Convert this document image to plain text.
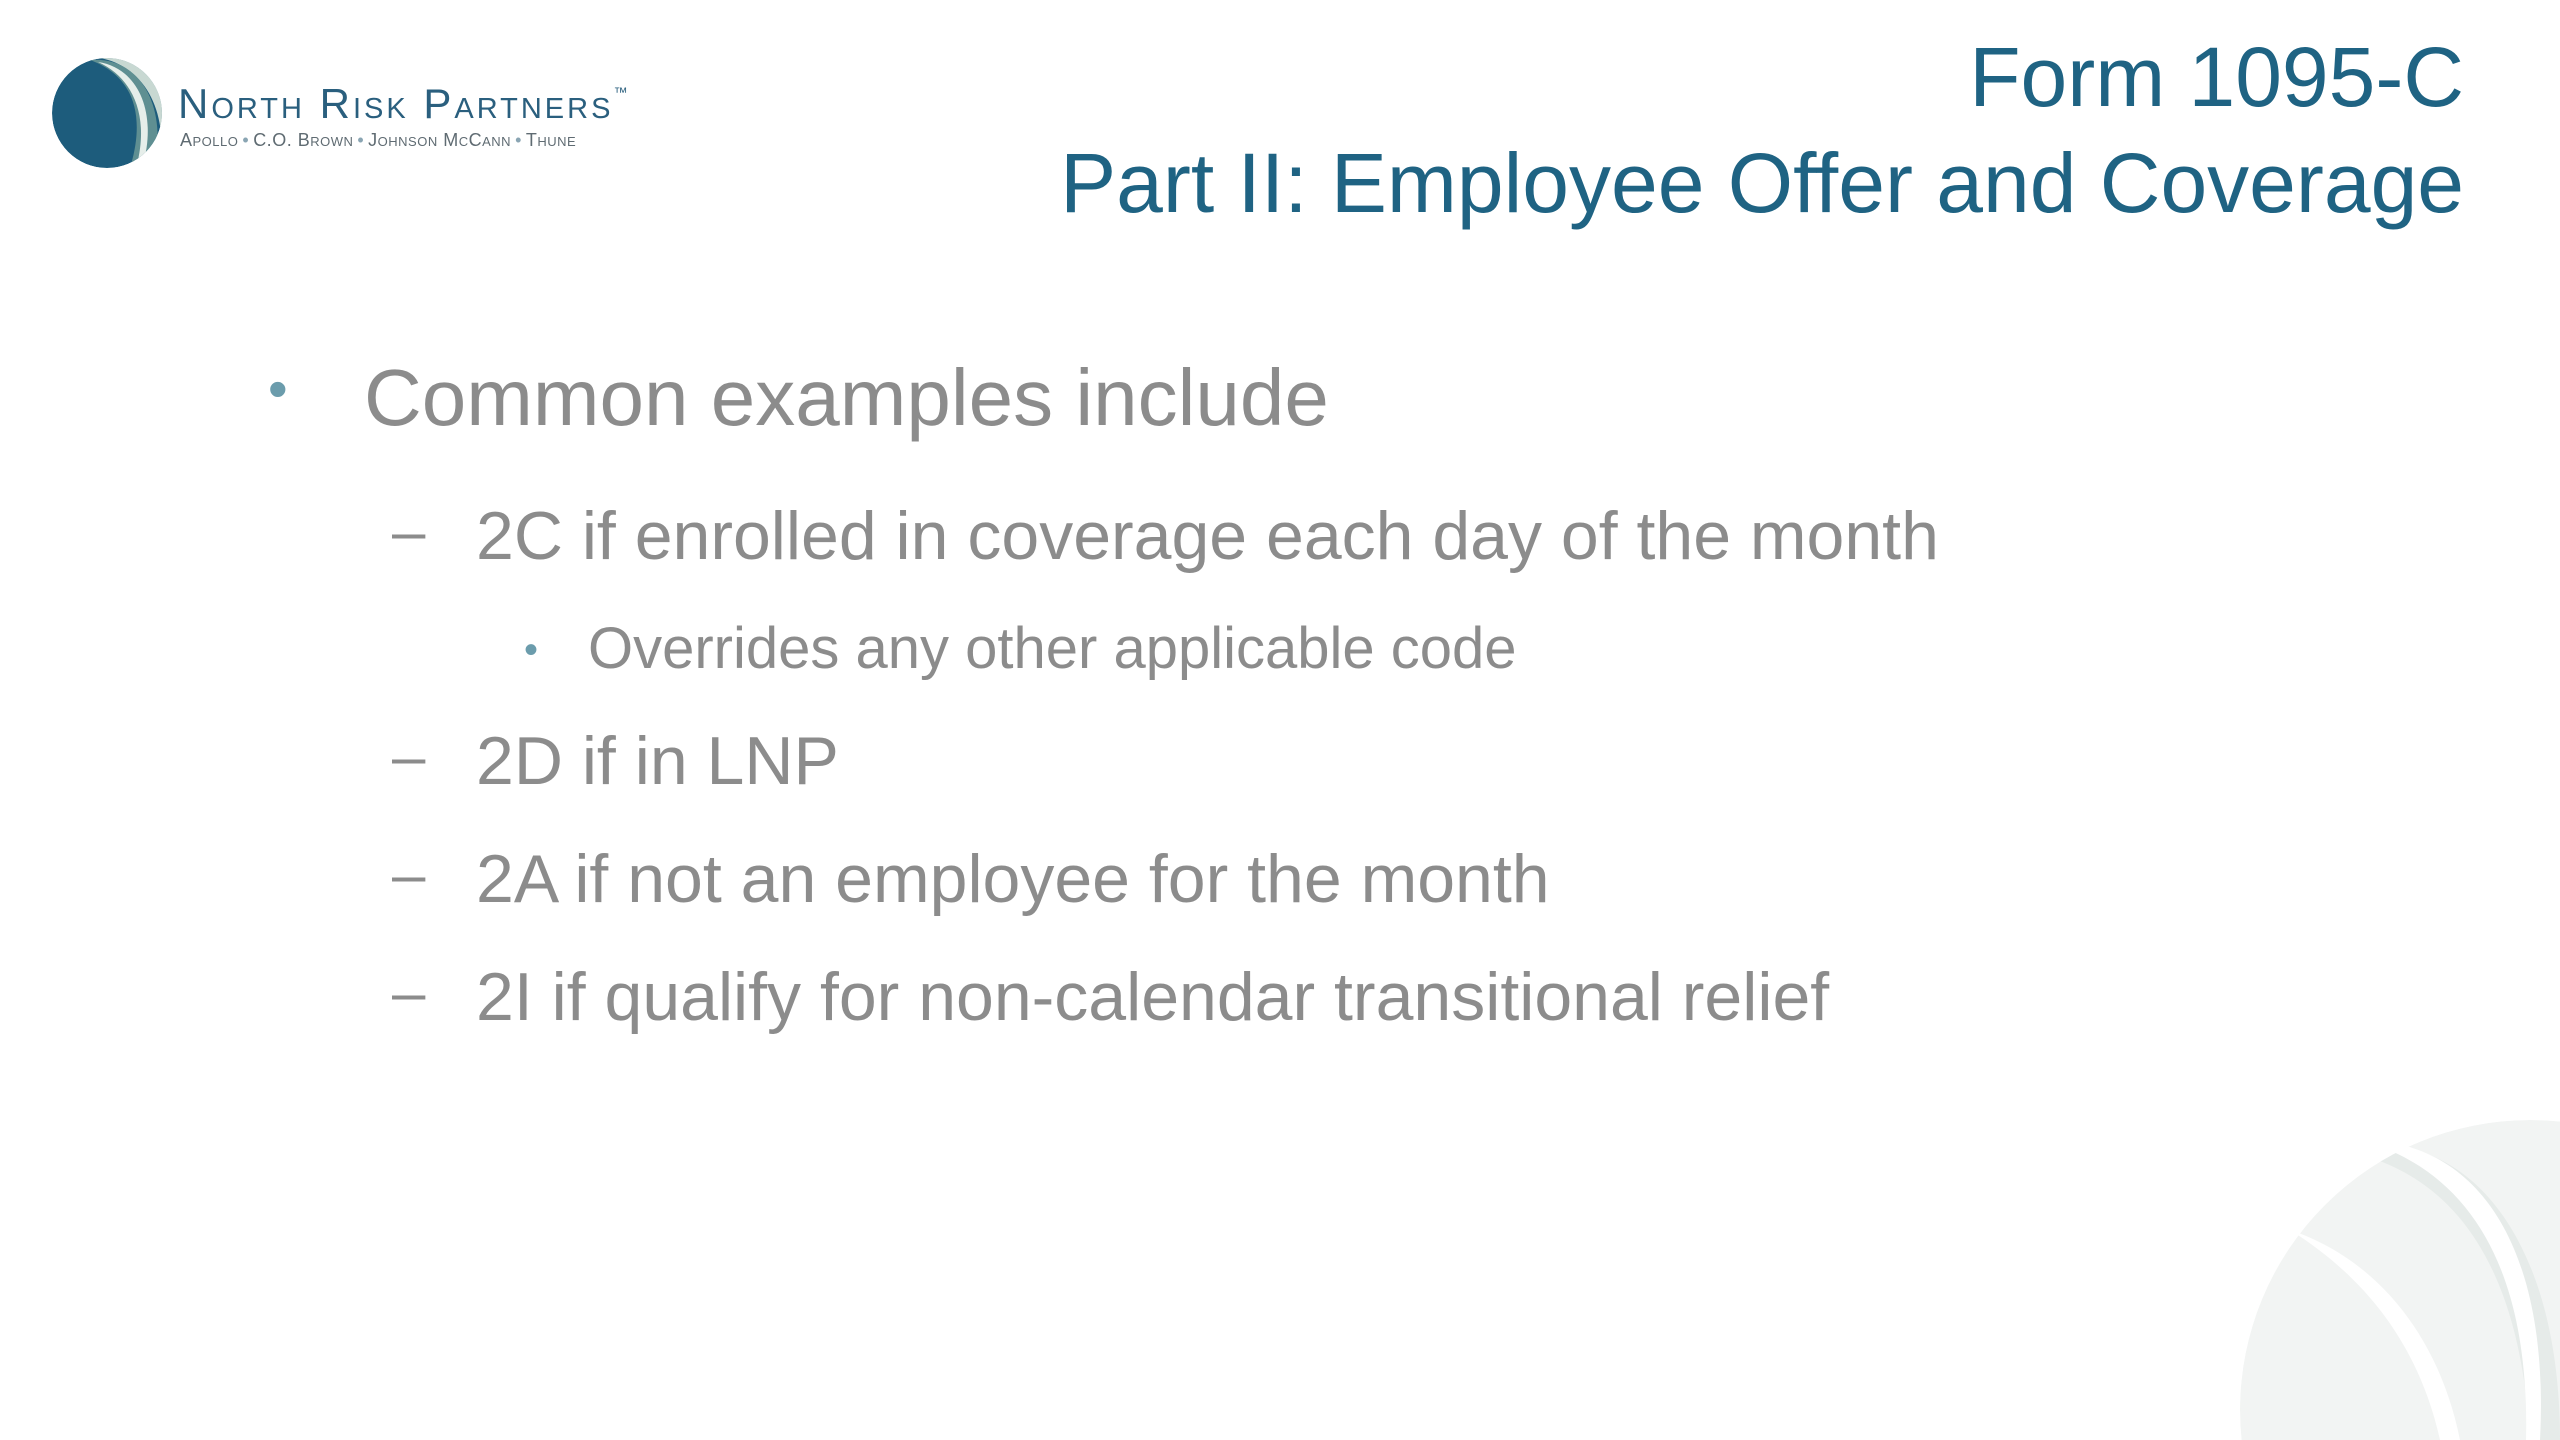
North Risk Partners™
Apollo • C.O. Brown • Johnson McCann • Thune
Form 1095-C
Part II: Employee Offer and Coverage
• Common examples include
– 2C if enrolled in coverage each day of the month
• Overrides any other applicable code
– 2D if in LNP
– 2A if not an employee for the month
– 2I if qualify for non-calendar transitional relief
